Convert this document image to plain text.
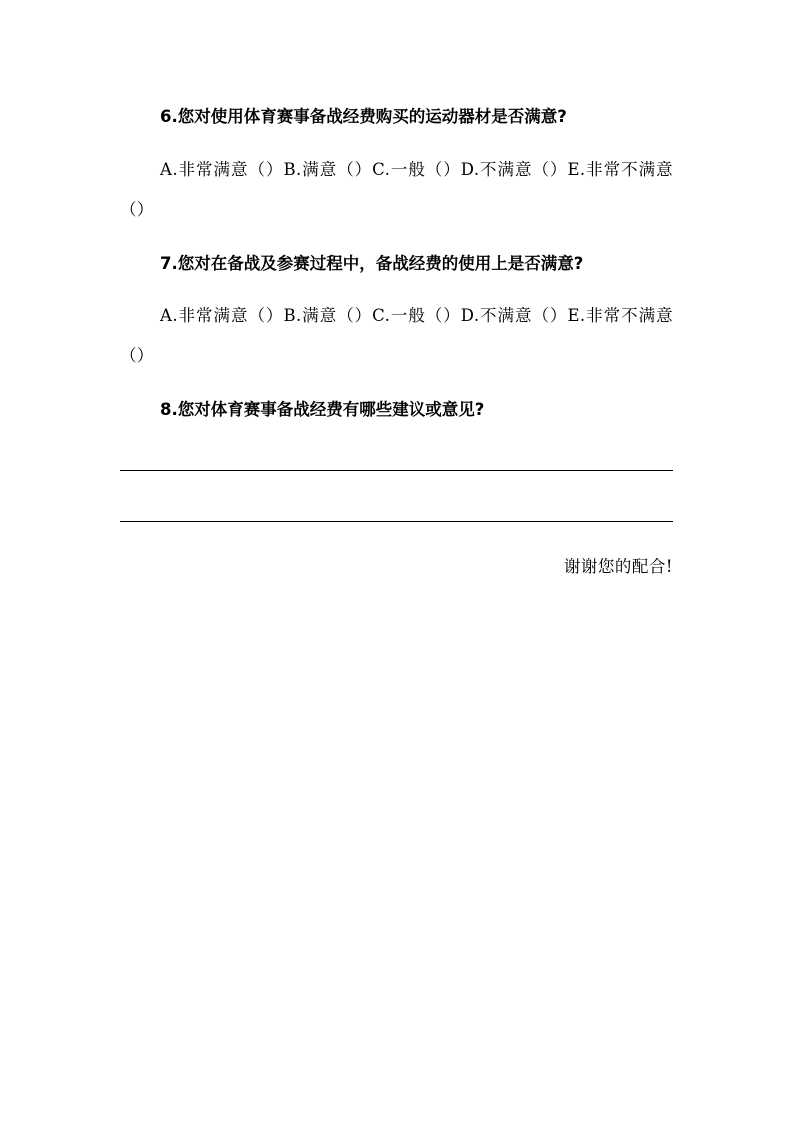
6.您对使用体育赛事备战经费购买的运动器材是否满意?
A.非常满意（）B.满意（）C.一般（）D.不满意（）E.非常不满意（）
7.您对在备战及参赛过程中，备战经费的使用上是否满意?
A.非常满意（）B.满意（）C.一般（）D.不满意（）E.非常不满意（）
8.您对体育赛事备战经费有哪些建议或意见?
谢谢您的配合!
